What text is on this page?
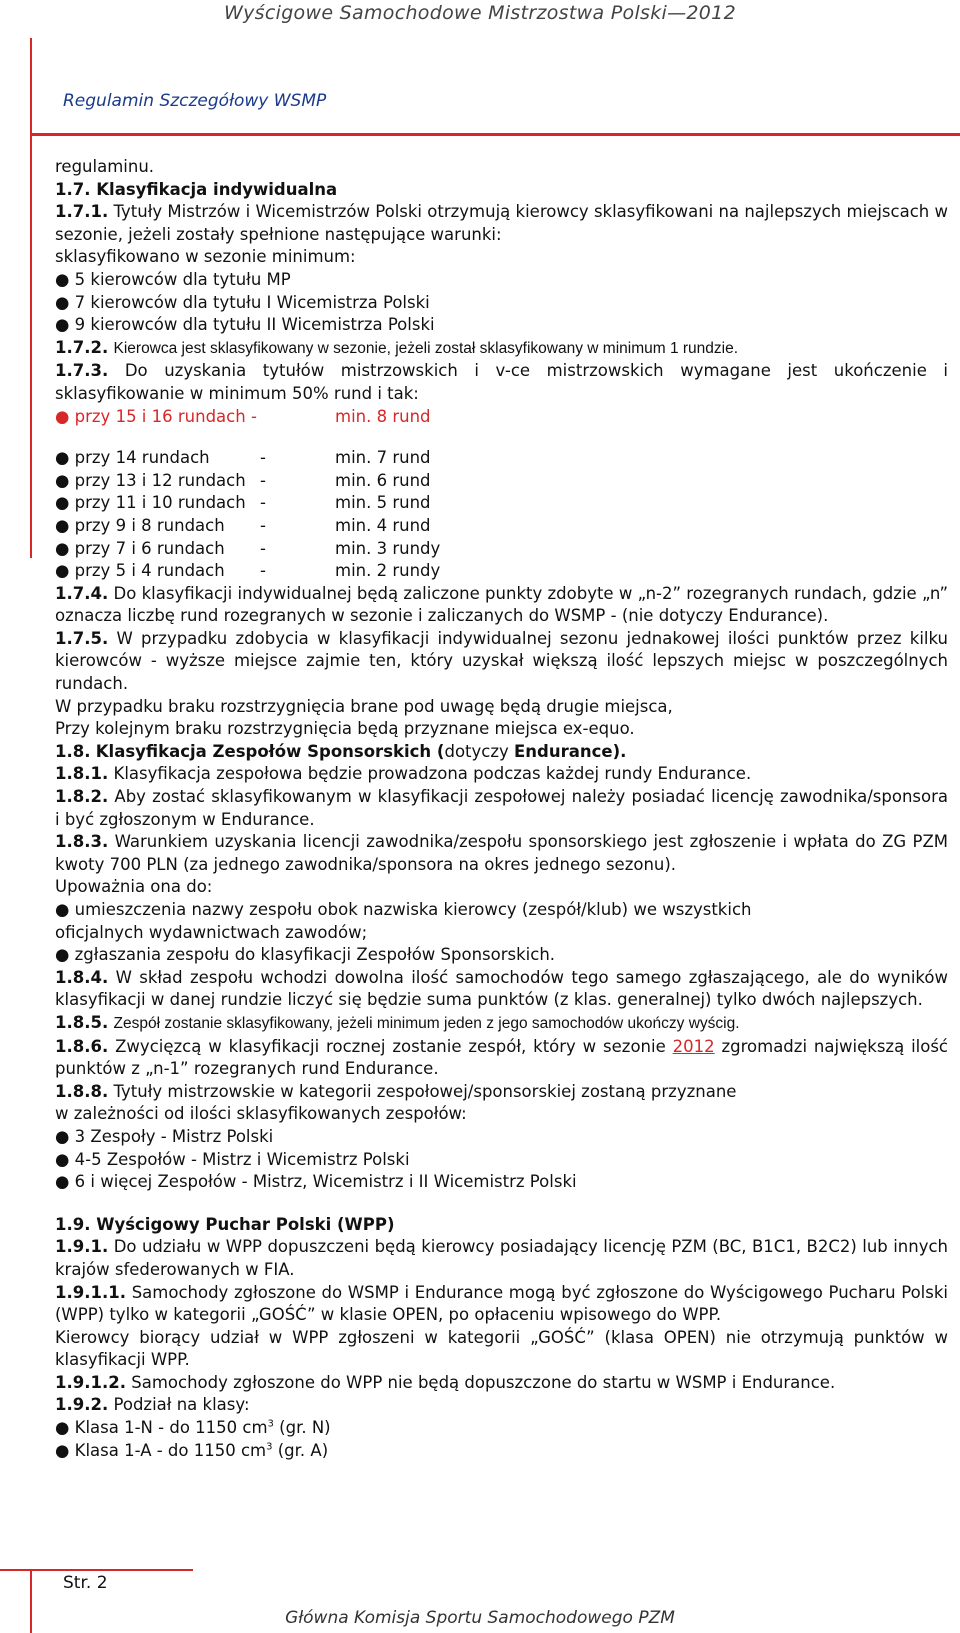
Wyścigowe Samochodowe Mistrzostwa Polski—2012
Regulamin Szczegółowy WSMP

regulaminu.

1.7. Klasyfikacja indywidualna

1.7.1. Tytuły Mistrzów i Wicemistrzów Polski otrzymują kierowcy sklasyfikowani na najlepszych miejscach w sezonie, jeżeli zostały spełnione następujące warunki:

sklasyfikowano w sezonie minimum:

● 5 kierowców dla tytułu MP

● 7 kierowców dla tytułu I Wicemistrza Polski

● 9 kierowców dla tytułu II Wicemistrza Polski

1.7.2. Kierowca jest sklasyfikowany w sezonie, jeżeli został sklasyfikowany w minimum 1 rundzie.

1.7.3. Do uzyskania tytułów mistrzowskich i v-ce mistrzowskich wymagane jest ukończenie i sklasyfikowanie w minimum 50% rund i tak:

● przy 15 i 16 rundach -	min. 8 rund
● przy 14 rundach	-	min. 7 rund
● przy 13 i 12 rundach -	min. 6 rund
● przy 11 i 10 rundach -	min. 5 rund
● przy 9 i 8 rundach	-	min. 4 rund
● przy 7 i 6 rundach	-	min. 3 rundy
● przy 5 i 4 rundach	-	min. 2 rundy

1.7.4. Do klasyfikacji indywidualnej będą zaliczone punkty zdobyte w „n-2” rozegranych rundach, gdzie „n” oznacza liczbę rund rozegranych w sezonie i zaliczanych do WSMP - (nie dotyczy Endurance).

1.7.5. W przypadku zdobycia w klasyfikacji indywidualnej sezonu jednakowej ilości punktów przez kilku kierowców - wyższe miejsce zajmie ten, który uzyskał większą ilość lepszych miejsc w poszczególnych rundach.

W przypadku braku rozstrzygnięcia brane pod uwagę będą drugie miejsca,

Przy kolejnym braku rozstrzygnięcia będą przyznane miejsca ex-equo.

1.8. Klasyfikacja Zespołów Sponsorskich (dotyczy Endurance).

1.8.1. Klasyfikacja zespołowa będzie prowadzona podczas każdej rundy Endurance.

1.8.2. Aby zostać sklasyfikowanym w klasyfikacji zespołowej należy posiadać licencję zawodnika/sponsora i być zgłoszonym w Endurance.

1.8.3. Warunkiem uzyskania licencji zawodnika/zespołu sponsorskiego jest zgłoszenie i wpłata do ZG PZM kwoty 700 PLN (za jednego zawodnika/sponsora na okres jednego sezonu).

Upoważnia ona do:

● umieszczenia nazwy zespołu obok nazwiska kierowcy (zespół/klub) we wszystkich oficjalnych wydawnictwach zawodów;

● zgłaszania zespołu do klasyfikacji Zespołów Sponsorskich.

1.8.4. W skład zespołu wchodzi dowolna ilość samochodów tego samego zgłaszającego, ale do wyników klasyfikacji w danej rundzie liczyć się będzie suma punktów (z klas. generalnej) tylko dwóch najlepszych.

1.8.5. Zespół zostanie sklasyfikowany, jeżeli minimum jeden z jego samochodów ukończy wyścig.

1.8.6. Zwycięzcą w klasyfikacji rocznej zostanie zespół, który w sezonie 2012 zgromadzi największą ilość punktów z „n-1” rozegranych rund Endurance.

1.8.8. Tytuły mistrzowskie w kategorii zespołowej/sponsorskiej zostaną przyznane

w zależności od ilości sklasyfikowanych zespołów:

● 3 Zespoły - Mistrz Polski

● 4-5 Zespołów - Mistrz i Wicemistrz Polski

● 6 i więcej Zespołów - Mistrz, Wicemistrz i II Wicemistrz Polski

1.9. Wyścigowy Puchar Polski (WPP)

1.9.1. Do udziału w WPP dopuszczeni będą kierowcy posiadający licencję PZM (BC, B1C1, B2C2) lub innych krajów sfederowanych w FIA.

1.9.1.1. Samochody zgłoszone do WSMP i Endurance mogą być zgłoszone do Wyścigowego Pucharu Polski (WPP) tylko w kategorii „GOŚĆ” w klasie OPEN, po opłaceniu wpisowego do WPP.

Kierowcy biorący udział w WPP zgłoszeni w kategorii „GOŚĆ” (klasa OPEN) nie otrzymują punktów w klasyfikacji WPP.

1.9.1.2. Samochody zgłoszone do WPP nie będą dopuszczone do startu w WSMP i Endurance.

1.9.2. Podział na klasy:

● Klasa 1-N - do 1150 $cm^3$ (gr. N)

● Klasa 1-A - do 1150 $cm^3$ (gr. A)

Str. 2
Główna Komisja Sportu Samochodowego PZM
